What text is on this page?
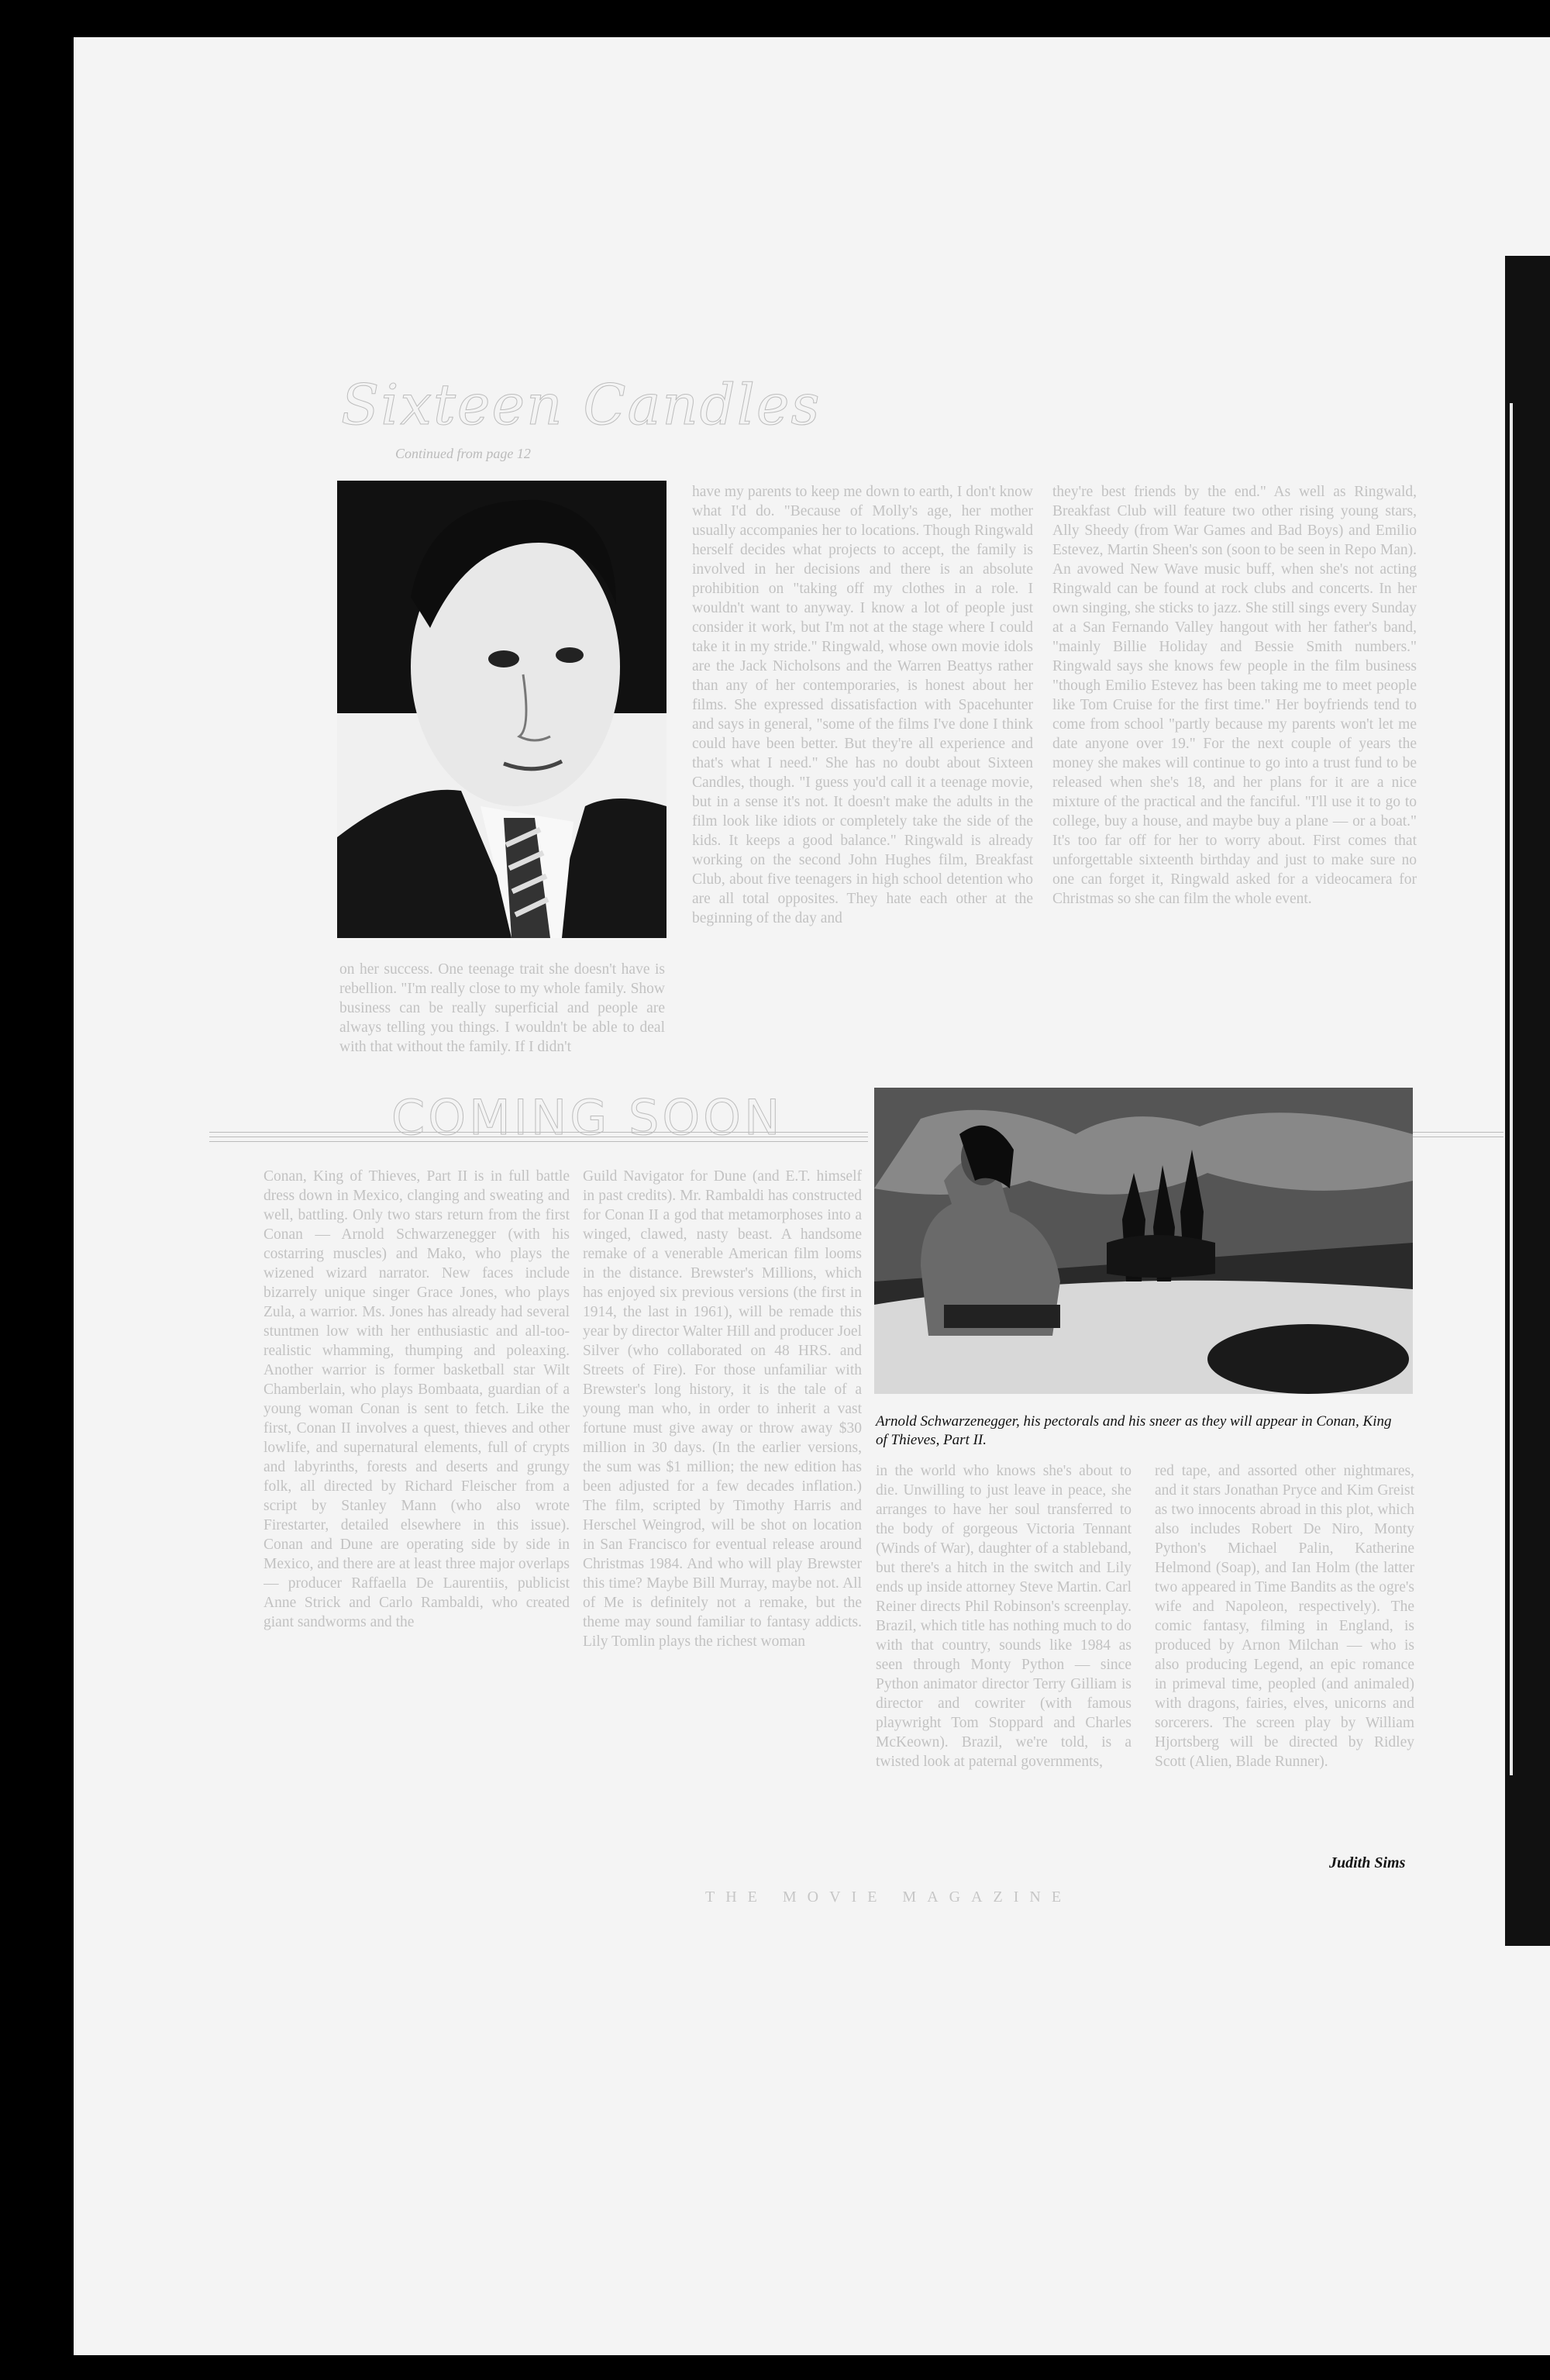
Sixteen Candles
Continued from page 12

on her success. One teenage trait she doesn't have is rebellion. "I'm really close to my whole family. Show business can be really superficial and people are always telling you things. I wouldn't be able to deal with that without the family. If I didn't

have my parents to keep me down to earth, I don't know what I'd do. "Because of Molly's age, her mother usually accompanies her to locations. Though Ringwald herself decides what projects to accept, the family is involved in her decisions and there is an absolute prohibition on "taking off my clothes in a role. I wouldn't want to anyway. I know a lot of people just consider it work, but I'm not at the stage where I could take it in my stride." Ringwald, whose own movie idols are the Jack Nicholsons and the Warren Beattys rather than any of her contemporaries, is honest about her films. She expressed dissatisfaction with Spacehunter and says in general, "some of the films I've done I think could have been better. But they're all experience and that's what I need." She has no doubt about Sixteen Candles, though. "I guess you'd call it a teenage movie, but in a sense it's not. It doesn't make the adults in the film look like idiots or completely take the side of the kids. It keeps a good balance." Ringwald is already working on the second John Hughes film, Breakfast Club, about five teenagers in high school detention who are all total opposites. They hate each other at the beginning of the day and

they're best friends by the end." As well as Ringwald, Breakfast Club will feature two other rising young stars, Ally Sheedy (from War Games and Bad Boys) and Emilio Estevez, Martin Sheen's son (soon to be seen in Repo Man). An avowed New Wave music buff, when she's not acting Ringwald can be found at rock clubs and concerts. In her own singing, she sticks to jazz. She still sings every Sunday at a San Fernando Valley hangout with her father's band, "mainly Billie Holiday and Bessie Smith numbers." Ringwald says she knows few people in the film business "though Emilio Estevez has been taking me to meet people like Tom Cruise for the first time." Her boyfriends tend to come from school "partly because my parents won't let me date anyone over 19." For the next couple of years the money she makes will continue to go into a trust fund to be released when she's 18, and her plans for it are a nice mixture of the practical and the fanciful. "I'll use it to go to college, buy a house, and maybe buy a plane — or a boat." It's too far off for her to worry about. First comes that unforgettable sixteenth birthday and just to make sure no one can forget it, Ringwald asked for a videocamera for Christmas so she can film the whole event.

COMING SOON
Arnold Schwarzenegger, his pectorals and his sneer as they will appear in Conan, King of Thieves, Part II.

Conan, King of Thieves, Part II is in full battle dress down in Mexico, clanging and sweating and well, battling. Only two stars return from the first Conan — Arnold Schwarzenegger (with his costarring muscles) and Mako, who plays the wizened wizard narrator. New faces include bizarrely unique singer Grace Jones, who plays Zula, a warrior. Ms. Jones has already had several stuntmen low with her enthusiastic and all-too-realistic whamming, thumping and poleaxing. Another warrior is former basketball star Wilt Chamberlain, who plays Bombaata, guardian of a young woman Conan is sent to fetch. Like the first, Conan II involves a quest, thieves and other lowlife, and supernatural elements, full of crypts and labyrinths, forests and deserts and grungy folk, all directed by Richard Fleischer from a script by Stanley Mann (who also wrote Firestarter, detailed elsewhere in this issue). Conan and Dune are operating side by side in Mexico, and there are at least three major overlaps — producer Raffaella De Laurentiis, publicist Anne Strick and Carlo Rambaldi, who created giant sandworms and the

Guild Navigator for Dune (and E.T. himself in past credits). Mr. Rambaldi has constructed for Conan II a god that metamorphoses into a winged, clawed, nasty beast. A handsome remake of a venerable American film looms in the distance. Brewster's Millions, which has enjoyed six previous versions (the first in 1914, the last in 1961), will be remade this year by director Walter Hill and producer Joel Silver (who collaborated on 48 HRS. and Streets of Fire). For those unfamiliar with Brewster's long history, it is the tale of a young man who, in order to inherit a vast fortune must give away or throw away $30 million in 30 days. (In the earlier versions, the sum was $1 million; the new edition has been adjusted for a few decades inflation.) The film, scripted by Timothy Harris and Herschel Weingrod, will be shot on location in San Francisco for eventual release around Christmas 1984. And who will play Brewster this time? Maybe Bill Murray, maybe not. All of Me is definitely not a remake, but the theme may sound familiar to fantasy addicts. Lily Tomlin plays the richest woman

in the world who knows she's about to die. Unwilling to just leave in peace, she arranges to have her soul transferred to the body of gorgeous Victoria Tennant (Winds of War), daughter of a stableband, but there's a hitch in the switch and Lily ends up inside attorney Steve Martin. Carl Reiner directs Phil Robinson's screenplay. Brazil, which title has nothing much to do with that country, sounds like 1984 as seen through Monty Python — since Python animator director Terry Gilliam is director and cowriter (with famous playwright Tom Stoppard and Charles McKeown). Brazil, we're told, is a twisted look at paternal governments,

red tape, and assorted other nightmares, and it stars Jonathan Pryce and Kim Greist as two innocents abroad in this plot, which also includes Robert De Niro, Monty Python's Michael Palin, Katherine Helmond (Soap), and Ian Holm (the latter two appeared in Time Bandits as the ogre's wife and Napoleon, respectively). The comic fantasy, filming in England, is produced by Arnon Milchan — who is also producing Legend, an epic romance in primeval time, peopled (and animaled) with dragons, fairies, elves, unicorns and sorcerers. The screen play by William Hjortsberg will be directed by Ridley Scott (Alien, Blade Runner).

Judith Sims
THE MOVIE MAGAZINE
